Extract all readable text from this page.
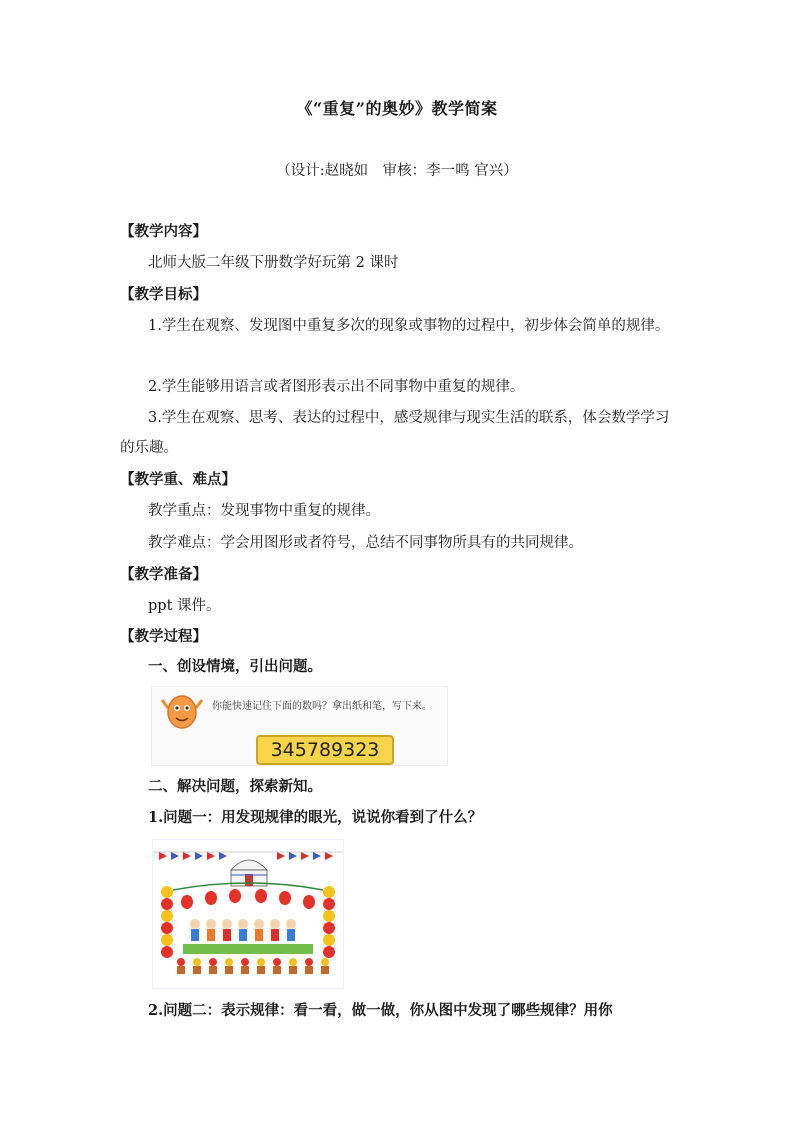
《“重复”的奥妙》教学简案
（设计:赵晓如　审核：李一鸣 官兴）
【教学内容】
北师大版二年级下册数学好玩第 2 课时
【教学目标】
1.学生在观察、发现图中重复多次的现象或事物的过程中，初步体会简单的规律。
2.学生能够用语言或者图形表示出不同事物中重复的规律。
3.学生在观察、思考、表达的过程中，感受规律与现实生活的联系，体会数学学习的乐趣。
【教学重、难点】
教学重点：发现事物中重复的规律。
教学难点：学会用图形或者符号，总结不同事物所具有的共同规律。
【教学准备】
ppt 课件。
【教学过程】
一、创设情境，引出问题。
你能快速记住下面的数吗？拿出纸和笔，写下来。
345789323
二、解决问题，探索新知。
1.问题一：用发现规律的眼光，说说你看到了什么？
2.问题二：表示规律：看一看，做一做，你从图中发现了哪些规律？用你
